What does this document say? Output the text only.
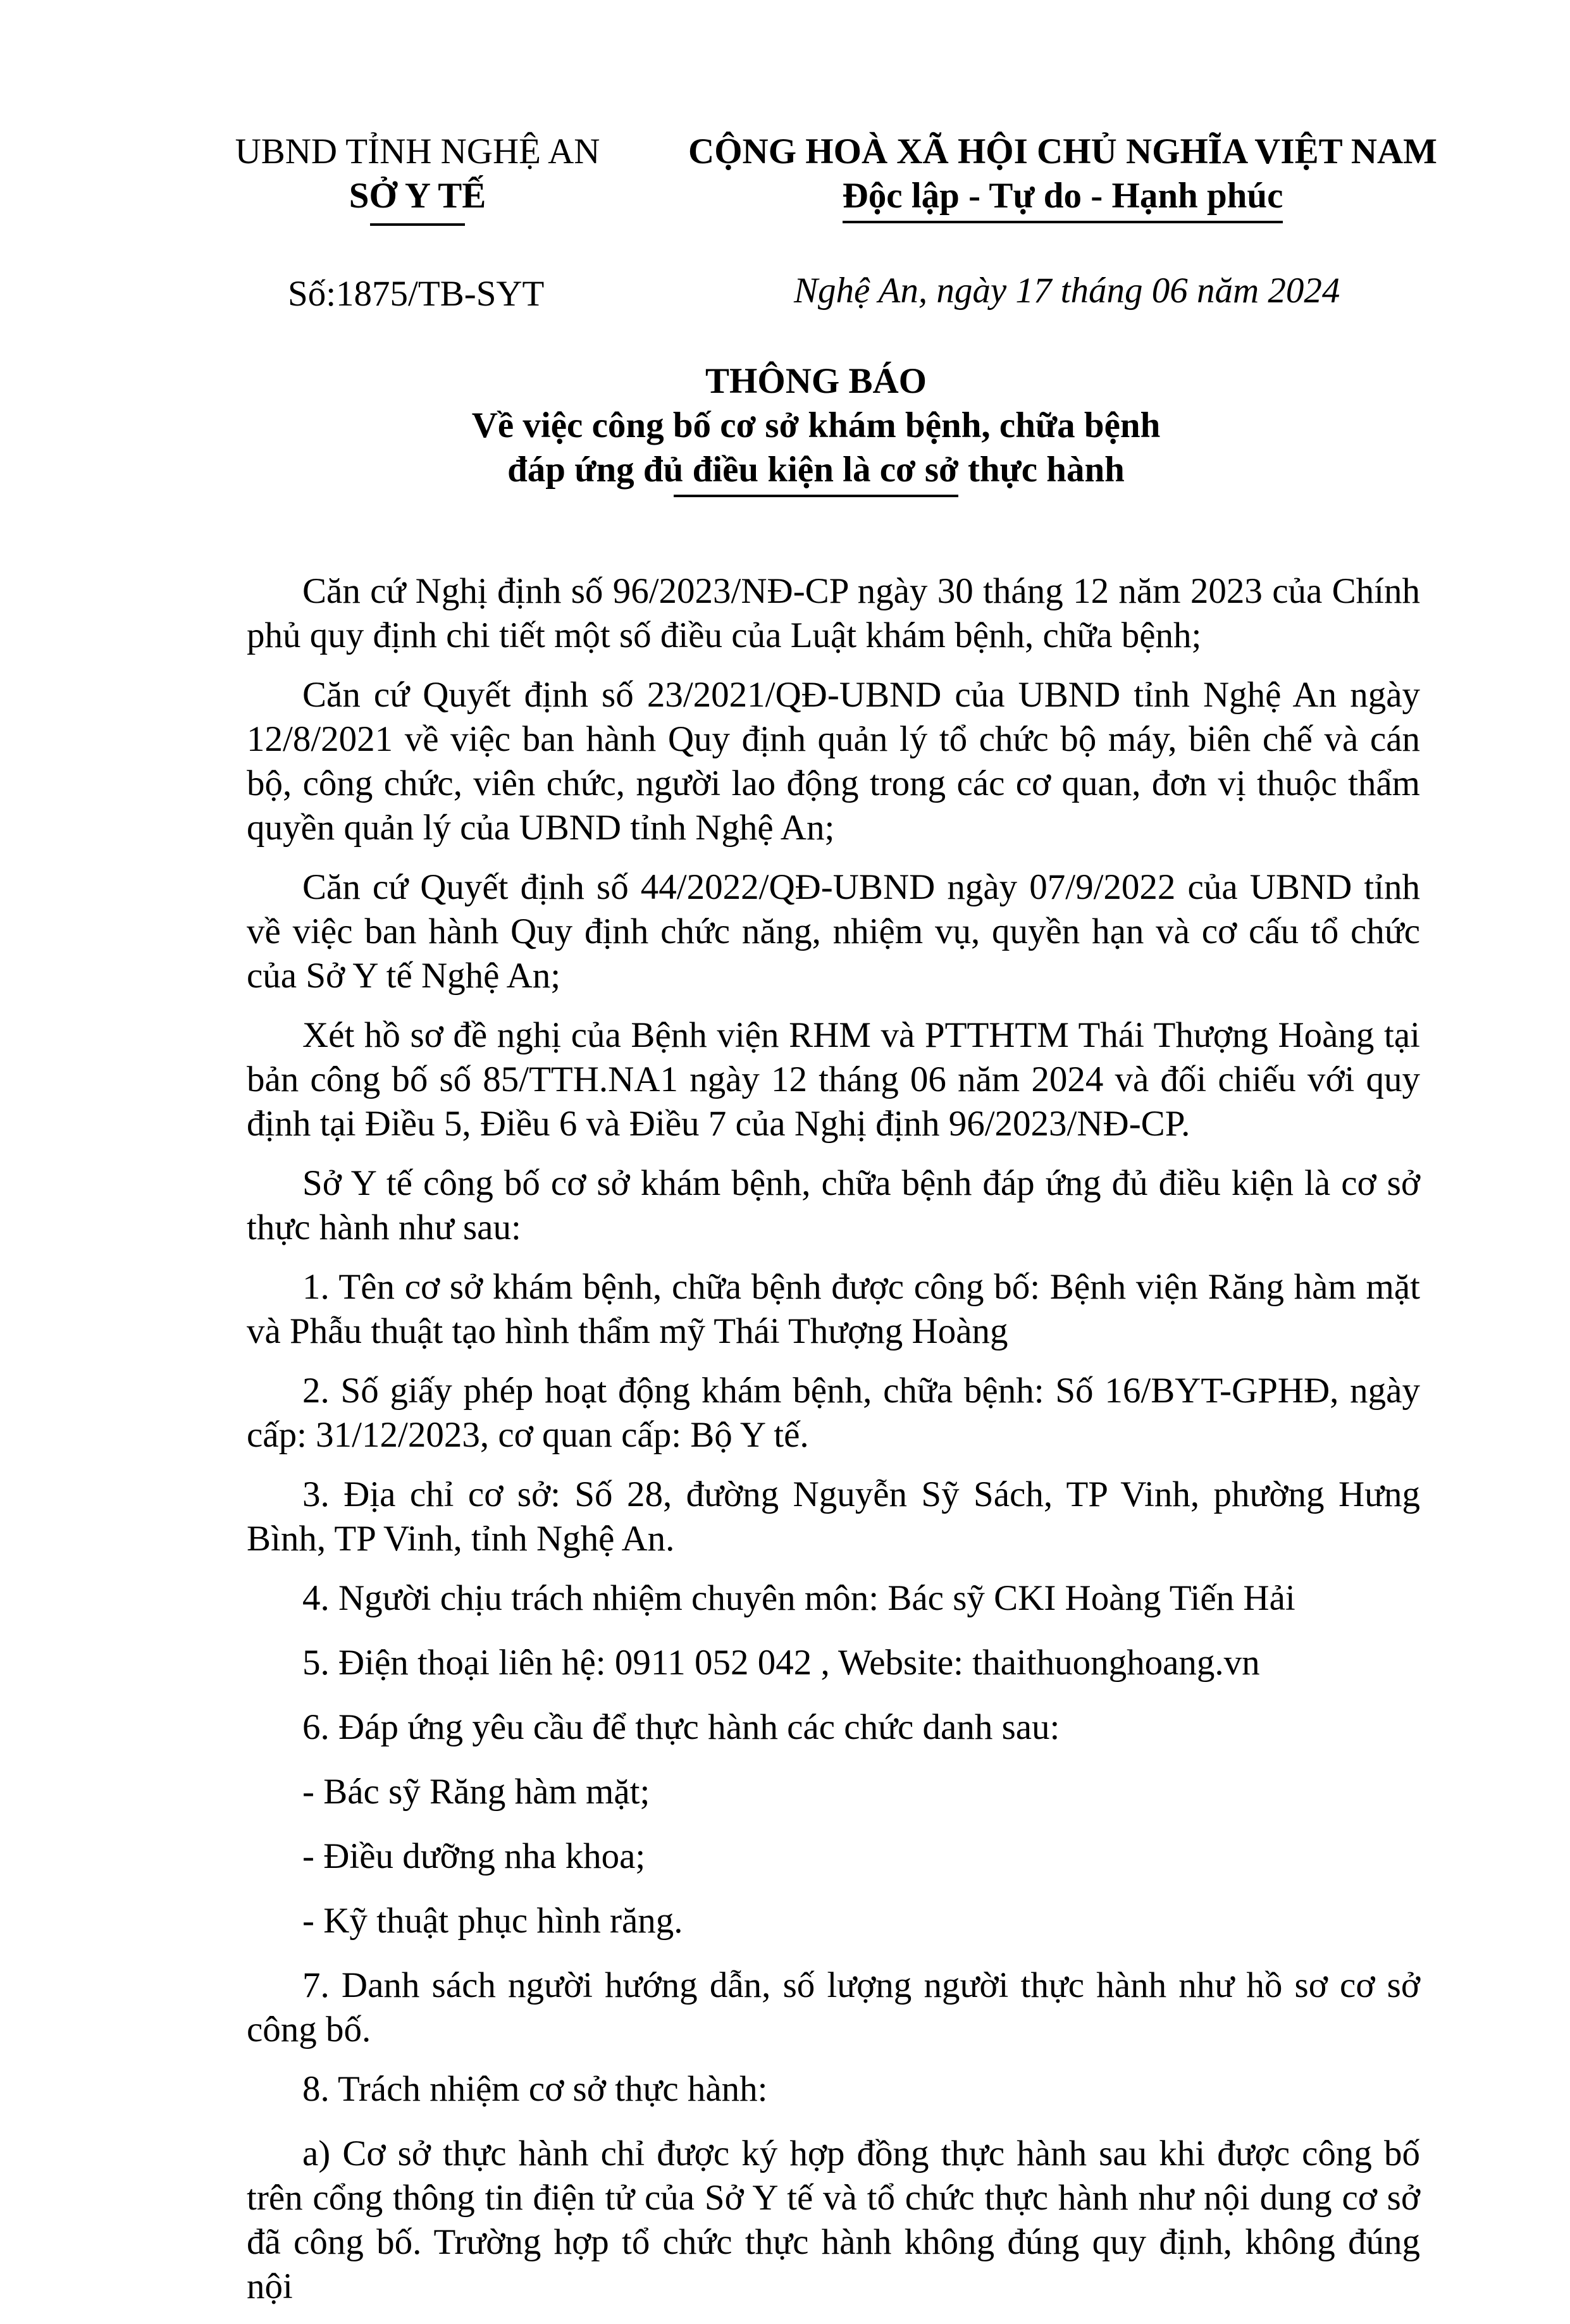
UBND TỈNH NGHỆ AN
SỞ Y TẾ
CỘNG HOÀ XÃ HỘI CHỦ NGHĨA VIỆT NAM
Độc lập - Tự do - Hạnh phúc
Số:1875/TB-SYT	Nghệ An, ngày 17 tháng 06 năm 2024
THÔNG BÁO
Về việc công bố cơ sở khám bệnh, chữa bệnh
đáp ứng đủ điều kiện là cơ sở thực hành

Căn cứ Nghị định số 96/2023/NĐ-CP ngày 30 tháng 12 năm 2023 của Chính phủ quy định chi tiết một số điều của Luật khám bệnh, chữa bệnh;

Căn cứ Quyết định số 23/2021/QĐ-UBND của UBND tỉnh Nghệ An ngày 12/8/2021 về việc ban hành Quy định quản lý tổ chức bộ máy, biên chế và cán bộ, công chức, viên chức, người lao động trong các cơ quan, đơn vị thuộc thẩm quyền quản lý của UBND tỉnh Nghệ An;

Căn cứ Quyết định số 44/2022/QĐ-UBND ngày 07/9/2022 của UBND tỉnh về việc ban hành Quy định chức năng, nhiệm vụ, quyền hạn và cơ cấu tổ chức của Sở Y tế Nghệ An;

Xét hồ sơ đề nghị của Bệnh viện RHM và PTTHTM Thái Thượng Hoàng tại bản công bố số 85/TTH.NA1 ngày 12 tháng 06 năm 2024 và đối chiếu với quy định tại Điều 5, Điều 6 và Điều 7 của Nghị định 96/2023/NĐ-CP.

Sở Y tế công bố cơ sở khám bệnh, chữa bệnh đáp ứng đủ điều kiện là cơ sở thực hành như sau:

1. Tên cơ sở khám bệnh, chữa bệnh được công bố: Bệnh viện Răng hàm mặt và Phẫu thuật tạo hình thẩm mỹ Thái Thượng Hoàng

2. Số giấy phép hoạt động khám bệnh, chữa bệnh: Số 16/BYT-GPHĐ, ngày cấp: 31/12/2023, cơ quan cấp: Bộ Y tế.

3. Địa chỉ cơ sở: Số 28, đường Nguyễn Sỹ Sách, TP Vinh, phường Hưng Bình, TP Vinh, tỉnh Nghệ An.

4. Người chịu trách nhiệm chuyên môn: Bác sỹ CKI Hoàng Tiến Hải

5. Điện thoại liên hệ: 0911 052 042 , Website: thaithuonghoang.vn

6. Đáp ứng yêu cầu để thực hành các chức danh sau:

- Bác sỹ Răng hàm mặt;

- Điều dưỡng nha khoa;

- Kỹ thuật phục hình răng.

7. Danh sách người hướng dẫn, số lượng người thực hành như hồ sơ cơ sở công bố.

8. Trách nhiệm cơ sở thực hành:

a) Cơ sở thực hành chỉ được ký hợp đồng thực hành sau khi được công bố trên cổng thông tin điện tử của Sở Y tế và tổ chức thực hành như nội dung cơ sở đã công bố. Trường hợp tổ chức thực hành không đúng quy định, không đúng nội
